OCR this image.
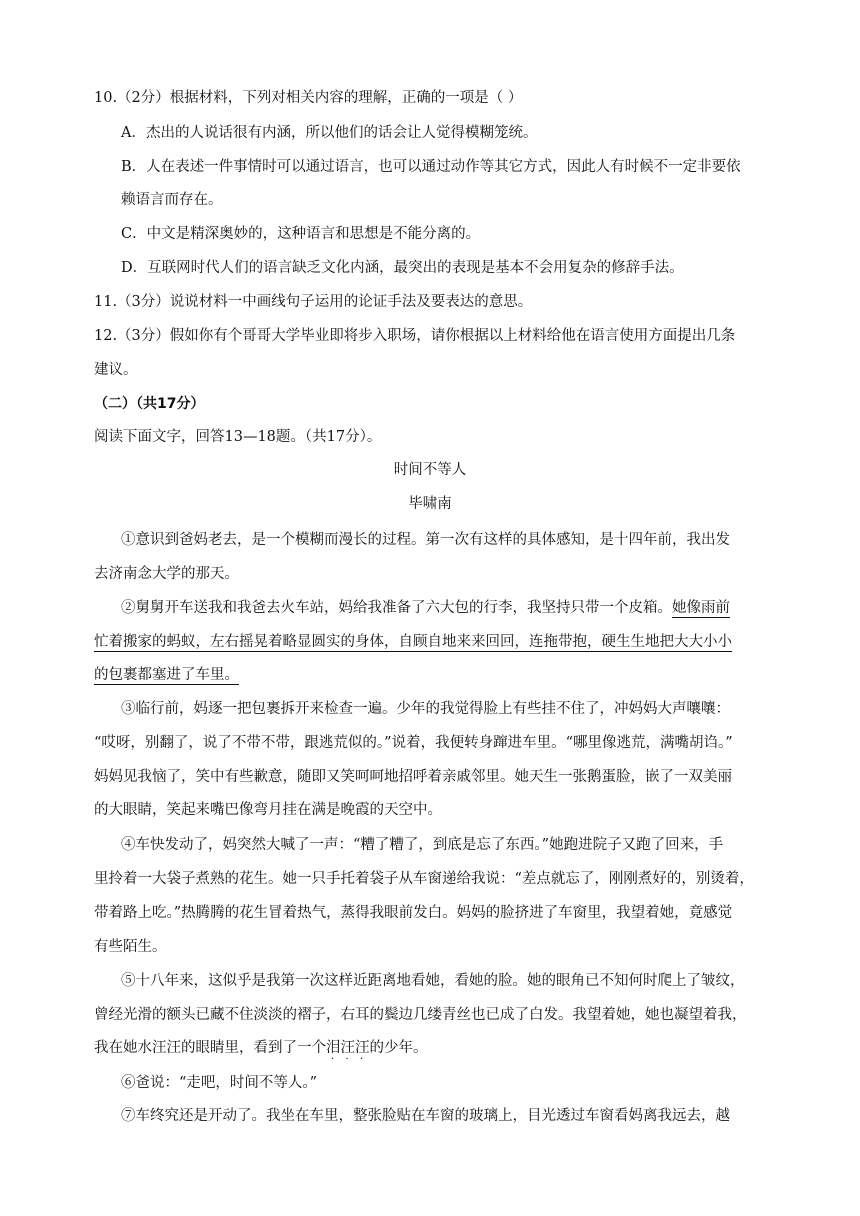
10.（2分）根据材料，下列对相关内容的理解，正确的一项是（ ）
A．杰出的人说话很有内涵，所以他们的话会让人觉得模糊笼统。
B．人在表述一件事情时可以通过语言，也可以通过动作等其它方式，因此人有时候不一定非要依
赖语言而存在。
C．中文是精深奥妙的，这种语言和思想是不能分离的。
D．互联网时代人们的语言缺乏文化内涵，最突出的表现是基本不会用复杂的修辞手法。
11.（3分）说说材料一中画线句子运用的论证手法及要表达的意思。
12.（3分）假如你有个哥哥大学毕业即将步入职场，请你根据以上材料给他在语言使用方面提出几条
建议。
（二）（共17分）
阅读下面文字，回答13—18题。（共17分）。
时间不等人
毕啸南
①意识到爸妈老去，是一个模糊而漫长的过程。第一次有这样的具体感知，是十四年前，我出发
去济南念大学的那天。
②舅舅开车送我和我爸去火车站，妈给我准备了六大包的行李，我坚持只带一个皮箱。她像雨前
忙着搬家的蚂蚁，左右摇晃着略显圆实的身体，自顾自地来来回回，连拖带抱，硬生生地把大大小小
的包裹都塞进了车里。
③临行前，妈逐一把包裹拆开来检查一遍。少年的我觉得脸上有些挂不住了，冲妈妈大声嚷嚷：
“哎呀，别翻了，说了不带不带，跟逃荒似的。”说着，我便转身蹿进车里。“哪里像逃荒，满嘴胡诌。”
妈妈见我恼了，笑中有些歉意，随即又笑呵呵地招呼着亲戚邻里。她天生一张鹅蛋脸，嵌了一双美丽
的大眼睛，笑起来嘴巴像弯月挂在满是晚霞的天空中。
④车快发动了，妈突然大喊了一声：“糟了糟了，到底是忘了东西。”她跑进院子又跑了回来，手
里拎着一大袋子煮熟的花生。她一只手托着袋子从车窗递给我说：“差点就忘了，刚刚煮好的，别烫着，
带着路上吃。”热腾腾的花生冒着热气，蒸得我眼前发白。妈妈的脸挤进了车窗里，我望着她，竟感觉
有些陌生。
⑤十八年来，这似乎是我第一次这样近距离地看她，看她的脸。她的眼角已不知何时爬上了皱纹，
曾经光滑的额头已藏不住淡淡的褶子，右耳的鬓边几缕青丝也已成了白发。我望着她，她也凝望着我，
我在她水汪汪的眼睛里，看到了一个泪
·
汪
·
汪
·
的少年。
⑥爸说：“走吧，时间不等人。”
⑦车终究还是开动了。我坐在车里，整张脸贴在车窗的玻璃上，目光透过车窗看妈离我远去，越
